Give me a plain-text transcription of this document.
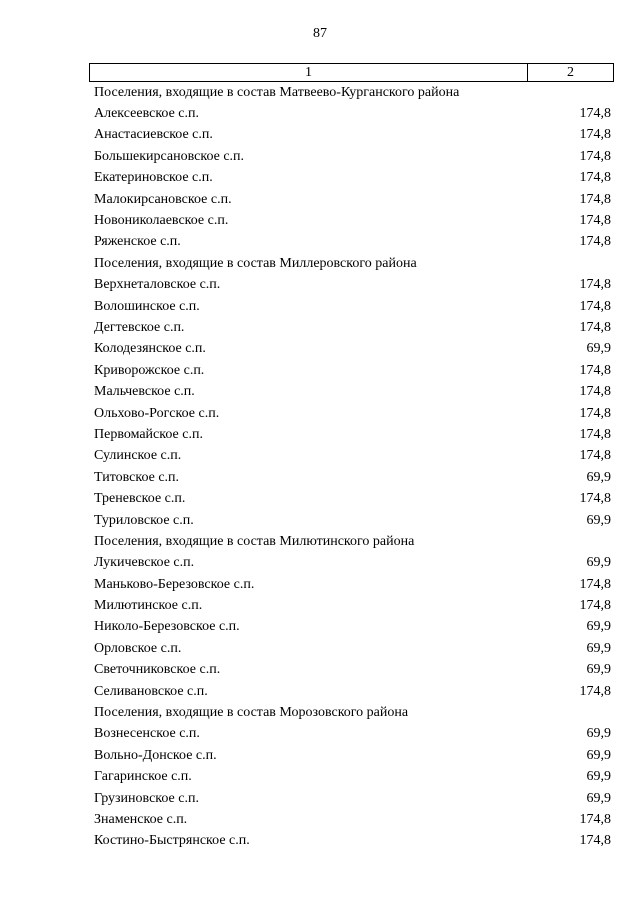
87
1	2
Поселения, входящие в состав Матвеево-Курганского района
Алексеевское с.п.	174,8
Анастасиевское с.п.	174,8
Большекирсановское с.п.	174,8
Екатериновское с.п.	174,8
Малокирсановское с.п.	174,8
Новониколаевское с.п.	174,8
Ряженское с.п.	174,8
Поселения, входящие в состав Миллеровского района
Верхнеталовское с.п.	174,8
Волошинское с.п.	174,8
Дегтевское с.п.	174,8
Колодезянское с.п.	69,9
Криворожское с.п.	174,8
Мальчевское с.п.	174,8
Ольхово-Рогское с.п.	174,8
Первомайское с.п.	174,8
Сулинское с.п.	174,8
Титовское с.п.	69,9
Треневское с.п.	174,8
Туриловское с.п.	69,9
Поселения, входящие в состав Милютинского района
Лукичевское с.п.	69,9
Маньково-Березовское с.п.	174,8
Милютинское с.п.	174,8
Николо-Березовское с.п.	69,9
Орловское с.п.	69,9
Светочниковское с.п.	69,9
Селивановское с.п.	174,8
Поселения, входящие в состав Морозовского района
Вознесенское с.п.	69,9
Вольно-Донское с.п.	69,9
Гагаринское с.п.	69,9
Грузиновское с.п.	69,9
Знаменское с.п.	174,8
Костино-Быстрянское с.п.	174,8
